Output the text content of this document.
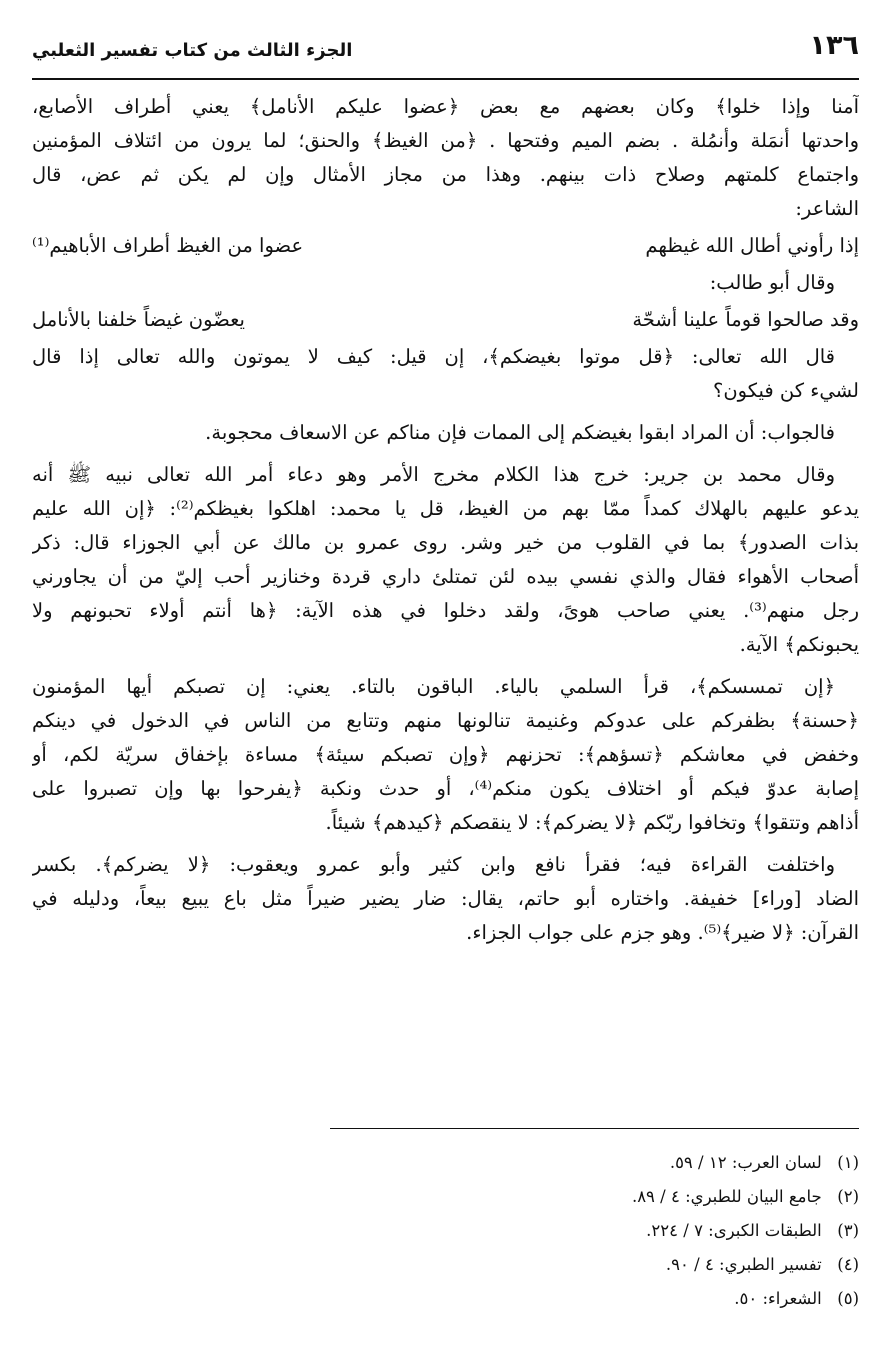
١٣٦
الجزء الثالث من كتاب تفسير الثعلبي
آمنا وإذا خلوا﴾ وكان بعضهم مع بعض ﴿عضوا عليكم الأنامل﴾ يعني أطراف الأصابع،
واحدتها أنمَلة وأنمُلة . بضم الميم وفتحها . ﴿من الغيظ﴾ والحنق؛ لما يرون من ائتلاف المؤمنين
واجتماع كلمتهم وصلاح ذات بينهم. وهذا من مجاز الأمثال وإن لم يكن ثم عض، قال
الشاعر:
إذا رأوني أطال الله غيظهم
عضوا من الغيظ أطراف الأباهيم⁽¹⁾
وقال أبو طالب:
وقد صالحوا قوماً علينا أشحّة
يعضّون غيضاً خلفنا بالأنامل
قال الله تعالى: ﴿قل موتوا بغيضكم﴾، إن قيل: كيف لا يموتون والله تعالى إذا قال
لشيء كن فيكون؟
فالجواب: أن المراد ابقوا بغيضكم إلى الممات فإن مناكم عن الاسعاف محجوبة.
وقال محمد بن جرير: خرج هذا الكلام مخرج الأمر وهو دعاء أمر الله تعالى نبيه ﷺ أنه
يدعو عليهم بالهلاك كمداً ممّا بهم من الغيظ، قل يا محمد: اهلكوا بغيظكم⁽²⁾: ﴿إن الله عليم
بذات الصدور﴾ بما في القلوب من خير وشر. روى عمرو بن مالك عن أبي الجوزاء قال: ذكر
أصحاب الأهواء فقال والذي نفسي بيده لئن تمتلئ داري قردة وخنازير أحب إليّ من أن يجاورني
رجل منهم⁽³⁾. يعني صاحب هوىً، ولقد دخلوا في هذه الآية: ﴿ها أنتم أولاء تحبونهم ولا
يحبونكم﴾ الآية.
﴿إن تمسسكم﴾، قرأ السلمي بالياء. الباقون بالتاء. يعني: إن تصبكم أيها المؤمنون
﴿حسنة﴾ بظفركم على عدوكم وغنيمة تنالونها منهم وتتابع من الناس في الدخول في دينكم
وخفض في معاشكم ﴿تسؤهم﴾: تحزنهم ﴿وإن تصبكم سيئة﴾ مساءة بإخفاق سريّة لكم، أو
إصابة عدوّ فيكم أو اختلاف يكون منكم⁽⁴⁾، أو حدث ونكبة ﴿يفرحوا بها وإن تصبروا على
أذاهم وتتقوا﴾ وتخافوا ربّكم ﴿لا يضركم﴾: لا ينقصكم ﴿كيدهم﴾ شيئاً.
واختلفت القراءة فيه؛ فقرأ نافع وابن كثير وأبو عمرو ويعقوب: ﴿لا يضركم﴾. بكسر
الضاد [وراء] خفيفة. واختاره أبو حاتم، يقال: ضار يضير ضيراً مثل باع يبيع بيعاً، ودليله في
القرآن: ﴿لا ضير﴾⁽⁵⁾. وهو جزم على جواب الجزاء.
(١) لسان العرب: ١٢ / ٥٩.
(٢) جامع البيان للطبري: ٤ / ٨٩.
(٣) الطبقات الكبرى: ٧ / ٢٢٤.
(٤) تفسير الطبري: ٤ / ٩٠.
(٥) الشعراء: ٥٠.
